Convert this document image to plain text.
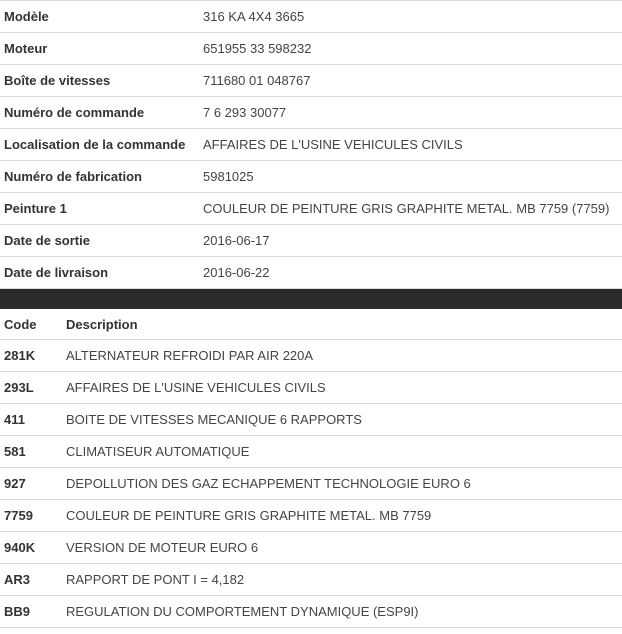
Modèle	316 KA 4X4 3665
Moteur	651955 33 598232
Boîte de vitesses	711680 01 048767
Numéro de commande	7 6 293 30077
Localisation de la commande	AFFAIRES DE L'USINE VEHICULES CIVILS
Numéro de fabrication	5981025
Peinture 1	COULEUR DE PEINTURE GRIS GRAPHITE METAL. MB 7759 (7759)
Date de sortie	2016-06-17
Date de livraison	2016-06-22
Code	Description
281K	ALTERNATEUR REFROIDI PAR AIR 220A
293L	AFFAIRES DE L'USINE VEHICULES CIVILS
411	BOITE DE VITESSES MECANIQUE 6 RAPPORTS
581	CLIMATISEUR AUTOMATIQUE
927	DEPOLLUTION DES GAZ ECHAPPEMENT TECHNOLOGIE EURO 6
7759	COULEUR DE PEINTURE GRIS GRAPHITE METAL. MB 7759
940K	VERSION DE MOTEUR EURO 6
AR3	RAPPORT DE PONT I = 4,182
BB9	REGULATION DU COMPORTEMENT DYNAMIQUE (ESP9I)
